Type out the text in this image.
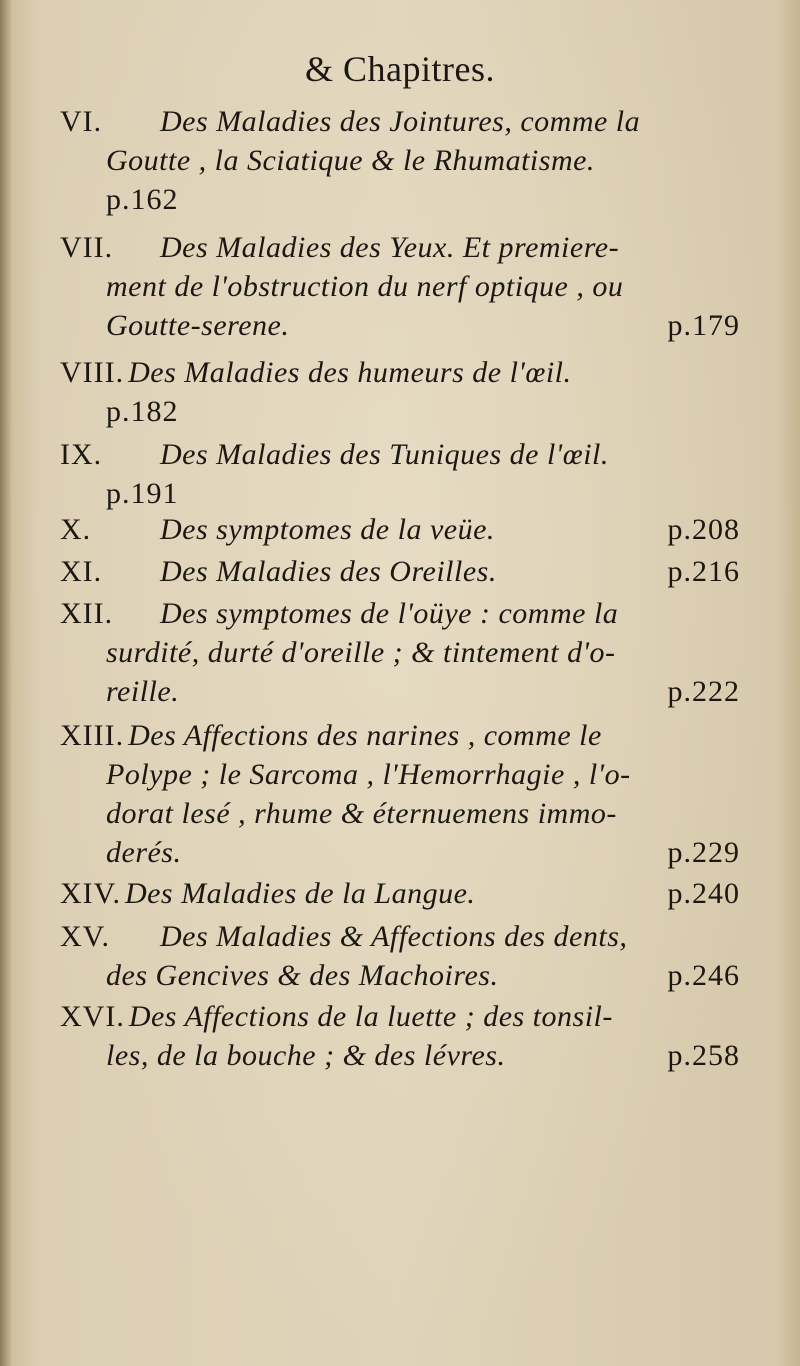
& Chapitres.
VI. Des Maladies des Jointures, comme la
Goutte , la Sciatique & le Rhumatisme.
p.162
VII. Des Maladies des Yeux. Et premiere-
ment de l'obstruction du nerf optique , ou
Goutte-serene.	p.179
VIII. Des Maladies des humeurs de l'œil.
p.182
IX. Des Maladies des Tuniques de l'œil.
p.191
X. Des symptomes de la veüe.	p.208
XI. Des Maladies des Oreilles.	p.216
XII. Des symptomes de l'oüye : comme la
surdité, durté d'oreille ; & tintement d'o-
reille.	p.222
XIII. Des Affections des narines , comme le
Polype ; le Sarcoma , l'Hemorrhagie , l'o-
dorat lesé , rhume & éternuemens immo-
derés.	p.229
XIV. Des Maladies de la Langue.	p.240
XV. Des Maladies & Affections des dents,
des Gencives & des Machoires.	p.246
XVI. Des Affections de la luette ; des tonsil-
les, de la bouche ; & des lévres.	p.258
